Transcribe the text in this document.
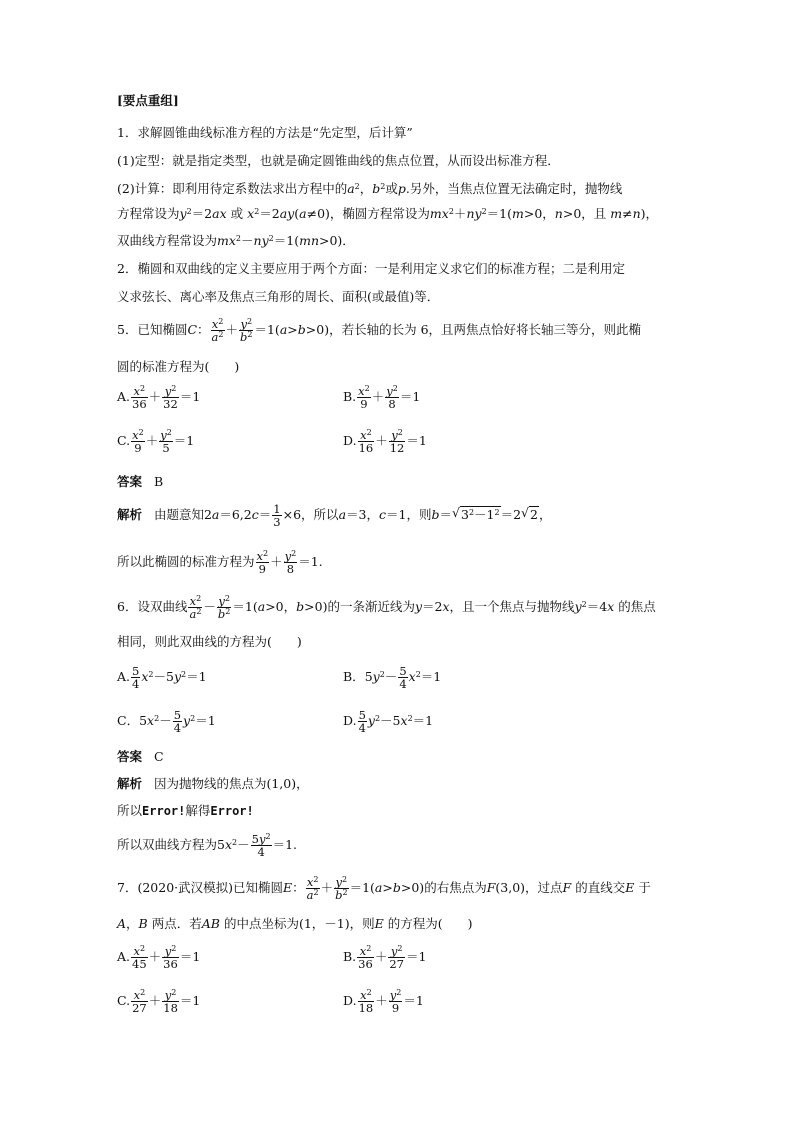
[要点重组]
1．求解圆锥曲线标准方程的方法是“先定型，后计算”
(1)定型：就是指定类型，也就是确定圆锥曲线的焦点位置，从而设出标准方程．
(2)计算：即利用待定系数法求出方程中的$a^2$，$b^2$或p.另外，当焦点位置无法确定时，抛物线
方程常设为$y^2=2ax$ 或 $x^2=2ay(a\ne 0)$，椭圆方程常设为$mx^2+ny^2=1(m>0$，n>0，且 m≠n)，
双曲线方程常设为$mx^2-ny^2=1(mn>0)$．
2．椭圆和双曲线的定义主要应用于两个方面：一是利用定义求它们的标准方程；二是利用定
义求弦长、离心率及焦点三角形的周长、面积(或最值)等．
5．已知椭圆C： $\frac{x^2}{a^2} + \frac{y^2}{b^2} =1(a>b>0)$，若长轴的长为 6，且两焦点恰好将长轴三等分，则此椭
圆的标准方程为(　　)
A. $\frac{x^2}{36} + \frac{y^2}{32} =1$	B. $\frac{x^2}{9} + \frac{y^2}{8} =1$
C. $\frac{x^2}{9} + \frac{y^2}{5} =1$	D. $\frac{x^2}{16} + \frac{y^2}{12} =1$
答案 B
解析 由题意知$2a=6,2c= \frac{1}{3} \times 6$，所以a＝3，c＝1，则b＝√ $3^2-1^2=2√$ 2，
所以此椭圆的标准方程为 $\frac{x^2}{9} + \frac{y^2}{8} =1$.
6．设双曲线 $\frac{x^2}{a^2} - \frac{y^2}{b^2} =1(a>0$，b>0)的一条渐近线为y＝2x，且一个焦点与抛物线$y^2=4x$ 的焦点
相同，则此双曲线的方程为(　　)
A. $\frac{5}{4} x^2-5y^2=1$	B．$5y^2- \frac{5}{4} x^2=1$
C．$5x^2- \frac{5}{4} y^2=1$	D. $\frac{5}{4} y^2-5x^2=1$
答案 C
解析 因为抛物线的焦点为(1,0)，
所以Error!解得Error!
所以双曲线方程为$5x^2- \frac{5y^2}{4} =1$.
7．(2020·武汉模拟)已知椭圆E： $\frac{x^2}{a^2} + \frac{y^2}{b^2} =1(a>b>0)$的右焦点为F(3,0)，过点F 的直线交E 于
A，B 两点．若AB 的中点坐标为(1，－1)，则E 的方程为(　　)
A. $\frac{x^2}{45} + \frac{y^2}{36} =1$	B. $\frac{x^2}{36} + \frac{y^2}{27} =1$
C. $\frac{x^2}{27} + \frac{y^2}{18} =1$	D. $\frac{x^2}{18} + \frac{y^2}{9} =1$
